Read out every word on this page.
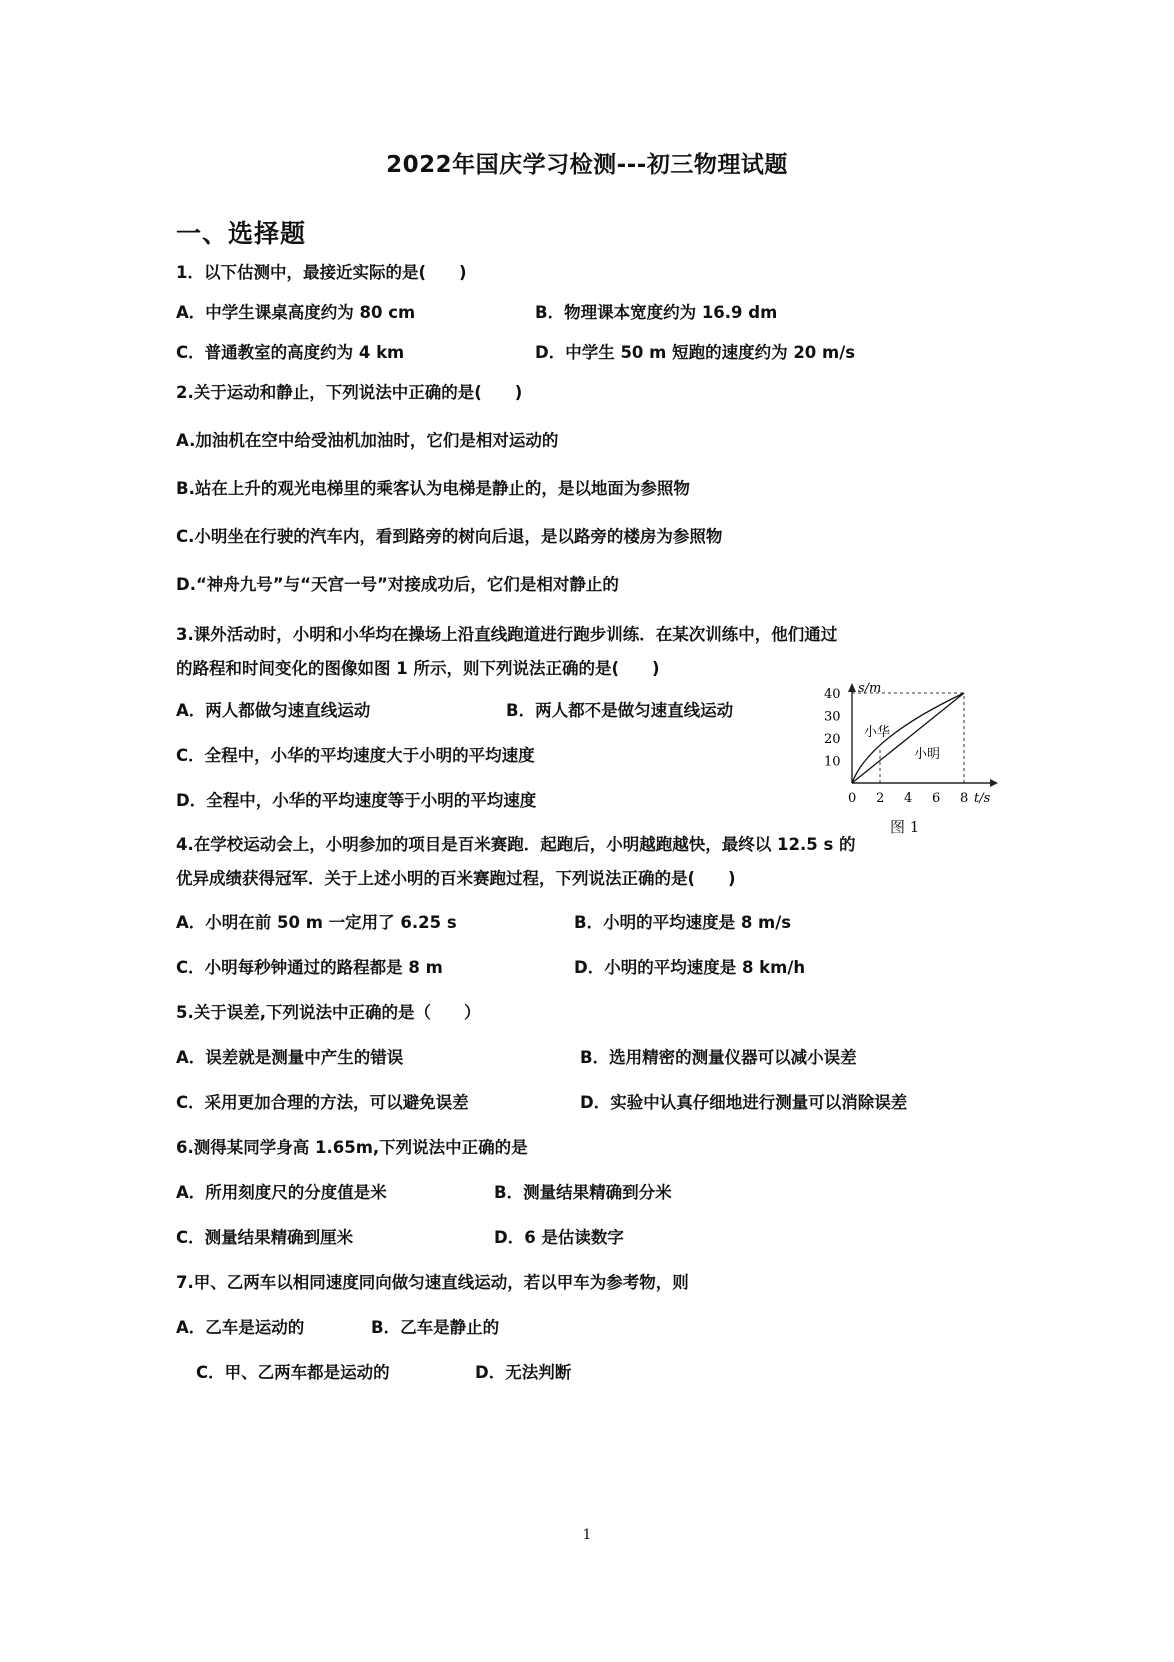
2022年国庆学习检测---初三物理试题
一、选择题
1．以下估测中，最接近实际的是(　　)
A．中学生课桌高度约为 80 cm	B．物理课本宽度约为 16.9 dm
C．普通教室的高度约为 4 km	D．中学生 50 m 短跑的速度约为 20 m/s
2.关于运动和静止，下列说法中正确的是(　　)
A.加油机在空中给受油机加油时，它们是相对运动的
B.站在上升的观光电梯里的乘客认为电梯是静止的，是以地面为参照物
C.小明坐在行驶的汽车内，看到路旁的树向后退，是以路旁的楼房为参照物
D.“神舟九号”与“天宫一号”对接成功后，它们是相对静止的
3.课外活动时，小明和小华均在操场上沿直线跑道进行跑步训练．在某次训练中，他们通过
的路程和时间变化的图像如图 1 所示，则下列说法正确的是(　　)
A．两人都做匀速直线运动	B．两人都不是做匀速直线运动
C．全程中，小华的平均速度大于小明的平均速度
D．全程中，小华的平均速度等于小明的平均速度
s/m
t/s
小华
小明
10
20
30
40
0 2 4 6 8
图 1
4.在学校运动会上，小明参加的项目是百米赛跑．起跑后，小明越跑越快，最终以 12.5 s 的
优异成绩获得冠军．关于上述小明的百米赛跑过程，下列说法正确的是(　　)
A．小明在前 50 m 一定用了 6.25 s	B．小明的平均速度是 8 m/s
C．小明每秒钟通过的路程都是 8 m	D．小明的平均速度是 8 km/h
5.关于误差,下列说法中正确的是（　　）
A．误差就是测量中产生的错误	B．选用精密的测量仪器可以减小误差
C．采用更加合理的方法，可以避免误差	D．实验中认真仔细地进行测量可以消除误差
6.测得某同学身高 1.65m,下列说法中正确的是
A．所用刻度尺的分度值是米	B．测量结果精确到分米
C．测量结果精确到厘米	D．6 是估读数字
7.甲、乙两车以相同速度同向做匀速直线运动，若以甲车为参考物，则
A．乙车是运动的	B．乙车是静止的
C．甲、乙两车都是运动的	D．无法判断
1
